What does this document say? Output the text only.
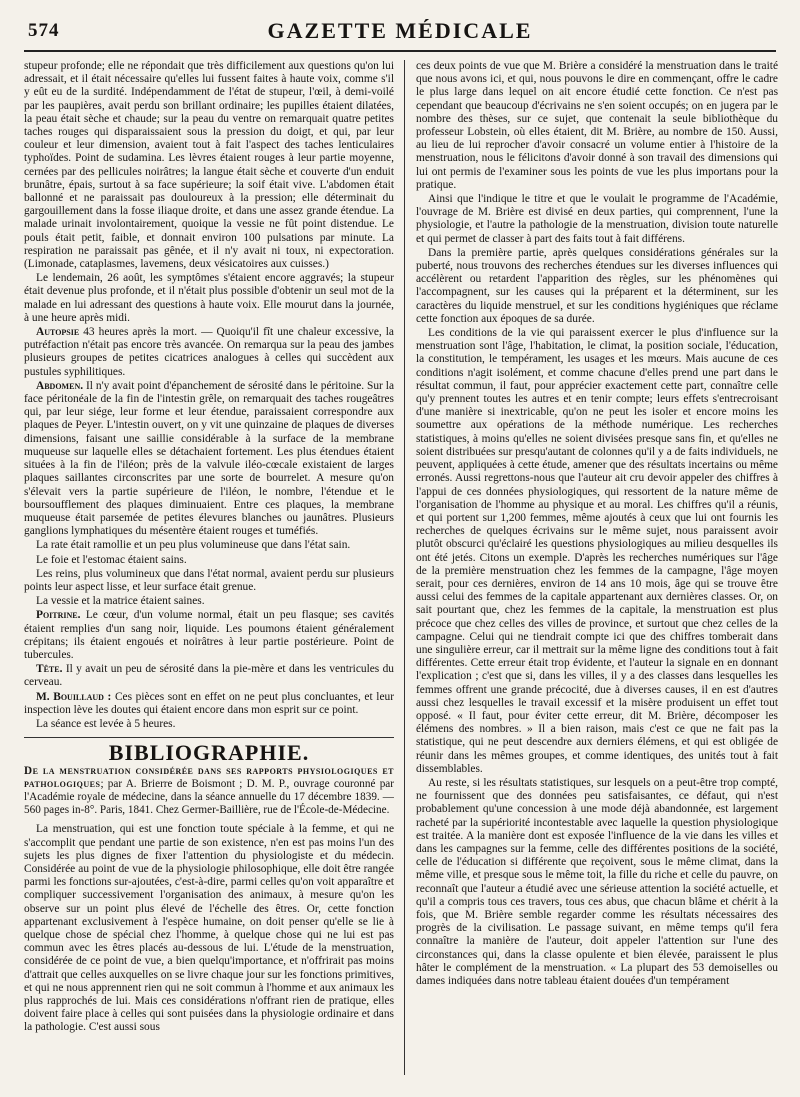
574	GAZETTE MÉDICALE

stupeur profonde; elle ne répondait que très difficilement aux questions qu'on lui adressait, et il était nécessaire qu'elles lui fussent faites à haute voix, comme s'il y eût eu de la surdité. Indépendamment de l'état de stupeur, l'œil, à demi-voilé par les paupières, avait perdu son brillant ordinaire; les pupilles étaient dilatées, la peau était sèche et chaude; sur la peau du ventre on remarquait quatre petites taches rouges qui disparaissaient sous la pression du doigt, et qui, par leur couleur et leur dimension, avaient tout à fait l'aspect des taches lenticulaires typhoïdes. Point de sudamina. Les lèvres étaient rouges à leur partie moyenne, cernées par des pellicules noirâtres; la langue était sèche et couverte d'un enduit brunâtre, épais, surtout à sa face supérieure; la soif était vive. L'abdomen était ballonné et ne paraissait pas douloureux à la pression; elle déterminait du gargouillement dans la fosse iliaque droite, et dans une assez grande étendue. La malade urinait involontairement, quoique la vessie ne fût point distendue. Le pouls était petit, faible, et donnait environ 100 pulsations par minute. La respiration ne paraissait pas gênée, et il n'y avait ni toux, ni expectoration. (Limonade, cataplasmes, lavemens, deux vésicatoires aux cuisses.)

Le lendemain, 26 août, les symptômes s'étaient encore aggravés; la stupeur était devenue plus profonde, et il n'était plus possible d'obtenir un seul mot de la malade en lui adressant des questions à haute voix. Elle mourut dans la journée, à une heure après midi.

Autopsie 43 heures après la mort. — Quoiqu'il fît une chaleur excessive, la putréfaction n'était pas encore très avancée. On remarqua sur la peau des jambes plusieurs groupes de petites cicatrices analogues à celles qui succèdent aux pustules syphilitiques.

Abdomen. Il n'y avait point d'épanchement de sérosité dans le péritoine. Sur la face péritonéale de la fin de l'intestin grêle, on remarquait des taches rougeâtres qui, par leur siége, leur forme et leur étendue, paraissaient correspondre aux plaques de Peyer. L'intestin ouvert, on y vit une quinzaine de plaques de diverses dimensions, faisant une saillie considérable à la surface de la membrane muqueuse sur laquelle elles se détachaient fortement. Les plus étendues étaient situées à la fin de l'iléon; près de la valvule iléo-cœcale existaient de larges plaques saillantes circonscrites par une sorte de bourrelet. A mesure qu'on s'élevait vers la partie supérieure de l'iléon, le nombre, l'étendue et le boursoufflement des plaques diminuaient. Entre ces plaques, la membrane muqueuse était parsemée de petites élevures blanches ou jaunâtres. Plusieurs ganglions lymphatiques du mésentère étaient rouges et tuméfiés.

La rate était ramollie et un peu plus volumineuse que dans l'état sain.

Le foie et l'estomac étaient sains.

Les reins, plus volumineux que dans l'état normal, avaient perdu sur plusieurs points leur aspect lisse, et leur surface était grenue.

La vessie et la matrice étaient saines.

Poitrine. Le cœur, d'un volume normal, était un peu flasque; ses cavités étaient remplies d'un sang noir, liquide. Les poumons étaient généralement crépitans; ils étaient engoués et noirâtres à leur partie postérieure. Point de tubercules.

Tête. Il y avait un peu de sérosité dans la pie-mère et dans les ventricules du cerveau.

M. Bouillaud : Ces pièces sont en effet on ne peut plus concluantes, et leur inspection lève les doutes qui étaient encore dans mon esprit sur ce point.

La séance est levée à 5 heures.

BIBLIOGRAPHIE.

De la menstruation considérée dans ses rapports physiologiques et pathologiques; par A. Brierre de Boismont ; D. M. P., ouvrage couronné par l'Académie royale de médecine, dans la séance annuelle du 17 décembre 1839. — 560 pages in-8°. Paris, 1841. Chez Germer-Baillière, rue de l'École-de-Médecine.

La menstruation, qui est une fonction toute spéciale à la femme, et qui ne s'accomplit que pendant une partie de son existence, n'en est pas moins l'un des sujets les plus dignes de fixer l'attention du physiologiste et du médecin. Considérée au point de vue de la physiologie philosophique, elle doit être rangée parmi les fonctions sur-ajoutées, c'est-à-dire, parmi celles qu'on voit apparaître et compliquer successivement l'organisation des animaux, à mesure qu'on les observe sur un point plus élevé de l'échelle des êtres. Or, cette fonction appartenant exclusivement à l'espèce humaine, on doit penser qu'elle se lie à quelque chose de spécial chez l'homme, à quelque chose qui ne lui est pas commun avec les êtres placés au-dessous de lui. L'étude de la menstruation, considérée de ce point de vue, a bien quelqu'importance, et n'offrirait pas moins d'attrait que celles auxquelles on se livre chaque jour sur les fonctions primitives, et qui ne nous apprennent rien qui ne soit commun à l'homme et aux animaux les plus rapprochés de lui. Mais ces considérations n'offrant rien de pratique, elles doivent faire place à celles qui sont puisées dans la physiologie ordinaire et dans la pathologie. C'est aussi sous

ces deux points de vue que M. Brière a considéré la menstruation dans le traité que nous avons ici, et qui, nous pouvons le dire en commençant, offre le cadre le plus large dans lequel on ait encore étudié cette fonction. Ce n'est pas cependant que beaucoup d'écrivains ne s'en soient occupés; on en jugera par le nombre des thèses, sur ce sujet, que contenait la seule bibliothèque du professeur Lobstein, où elles étaient, dit M. Brière, au nombre de 150. Aussi, au lieu de lui reprocher d'avoir consacré un volume entier à l'histoire de la menstruation, nous le félicitons d'avoir donné à son travail des dimensions qui lui ont permis de l'examiner sous les points de vue les plus importans pour la pratique.

Ainsi que l'indique le titre et que le voulait le programme de l'Académie, l'ouvrage de M. Brière est divisé en deux parties, qui comprennent, l'une la physiologie, et l'autre la pathologie de la menstruation, division toute naturelle et qui permet de classer à part des faits tout à fait différens.

Dans la première partie, après quelques considérations générales sur la puberté, nous trouvons des recherches étendues sur les diverses influences qui accélèrent ou retardent l'apparition des règles, sur les phénomènes qui l'accompagnent, sur les causes qui la préparent et la déterminent, sur les caractères du liquide menstruel, et sur les conditions hygiéniques que réclame cette fonction aux époques de sa durée.

Les conditions de la vie qui paraissent exercer le plus d'influence sur la menstruation sont l'âge, l'habitation, le climat, la position sociale, l'éducation, la constitution, le tempérament, les usages et les mœurs. Mais aucune de ces conditions n'agit isolément, et comme chacune d'elles prend une part dans le résultat commun, il faut, pour apprécier exactement cette part, connaître celle qu'y prennent toutes les autres et en tenir compte; leurs effets s'entrecroisant d'une manière si inextricable, qu'on ne peut les isoler et encore moins les soumettre aux opérations de la méthode numérique. Les recherches statistiques, à moins qu'elles ne soient divisées presque sans fin, et qu'elles ne soient distribuées sur presqu'autant de colonnes qu'il y a de faits individuels, ne peuvent, appliquées à cette étude, amener que des résultats incertains ou même erronés. Aussi regrettons-nous que l'auteur ait cru devoir appeler des chiffres à l'appui de ces données physiologiques, qui ressortent de la nature même de l'organisation de l'homme au physique et au moral. Les chiffres qu'il a réunis, et qui portent sur 1,200 femmes, même ajoutés à ceux que lui ont fournis les recherches de quelques écrivains sur le même sujet, nous paraissent avoir plutôt obscurci qu'éclairé les questions physiologiques au milieu desquelles ils ont été jetés. Citons un exemple. D'après les recherches numériques sur l'âge de la première menstruation chez les femmes de la campagne, l'âge moyen serait, pour ces dernières, environ de 14 ans 10 mois, âge qui se trouve être aussi celui des femmes de la capitale appartenant aux dernières classes. Or, on sait pourtant que, chez les femmes de la capitale, la menstruation est plus précoce que chez celles des villes de province, et surtout que chez celles de la campagne. Celui qui ne tiendrait compte ici que des chiffres tomberait dans une singulière erreur, car il mettrait sur la même ligne des conditions tout à fait différentes. Cette erreur était trop évidente, et l'auteur la signale en en donnant l'explication ; c'est que si, dans les villes, il y a des classes dans lesquelles les femmes offrent une grande précocité, due à diverses causes, il en est d'autres aussi chez lesquelles le travail excessif et la misère produisent un effet tout opposé. « Il faut, pour éviter cette erreur, dit M. Brière, décomposer les élémens des nombres. » Il a bien raison, mais c'est ce que ne fait pas la statistique, qui ne peut descendre aux derniers élémens, et qui est obligée de réunir dans les mêmes groupes, et comme identiques, des unités tout à fait dissemblables.

Au reste, si les résultats statistiques, sur lesquels on a peut-être trop compté, ne fournissent que des données peu satisfaisantes, ce défaut, qui n'est probablement qu'une concession à une mode déjà abandonnée, est largement racheté par la supériorité incontestable avec laquelle la question physiologique est traitée. A la manière dont est exposée l'influence de la vie dans les villes et dans les campagnes sur la femme, celle des différentes positions de la société, celle de l'éducation si différente que reçoivent, sous le même climat, dans la même ville, et presque sous le même toit, la fille du riche et celle du pauvre, on reconnaît que l'auteur a étudié avec une sérieuse attention la société actuelle, et qu'il a compris tous ces travers, tous ces abus, que chacun blâme et chérit à la fois, que M. Brière semble regarder comme les résultats nécessaires des progrès de la civilisation. Le passage suivant, en même temps qu'il fera connaître la manière de l'auteur, doit appeler l'attention sur l'une des circonstances qui, dans la classe opulente et bien élevée, paraissent le plus hâter le complément de la menstruation. « La plupart des 53 demoiselles ou dames indiquées dans notre tableau étaient douées d'un tempérament
